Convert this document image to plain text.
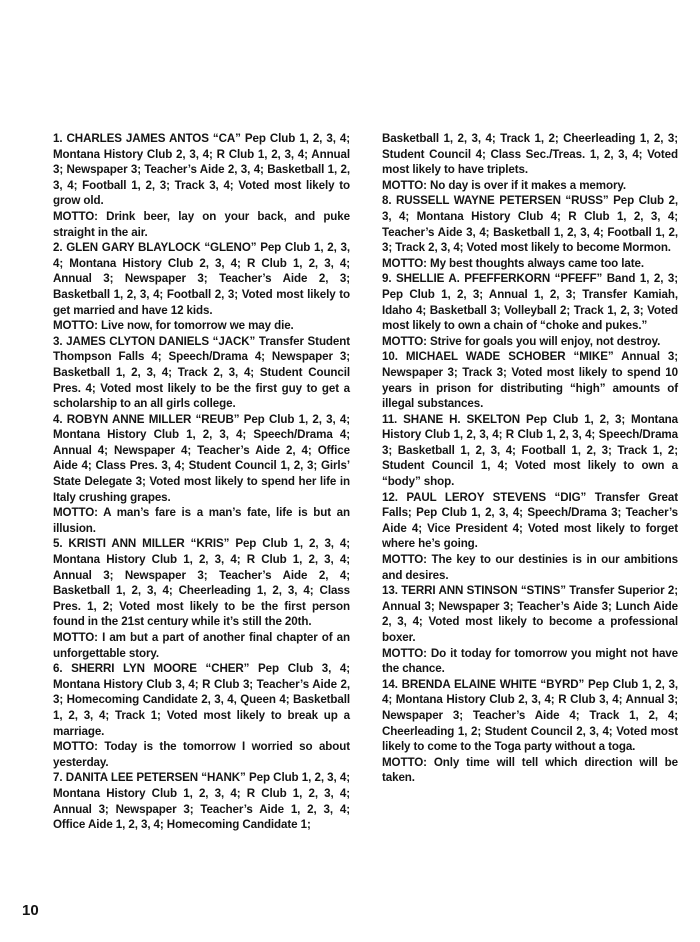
1. CHARLES JAMES ANTOS “CA” Pep Club 1, 2, 3, 4; Montana History Club 2, 3, 4; R Club 1, 2, 3, 4; Annual 3; Newspaper 3; Teacher’s Aide 2, 3, 4; Basketball 1, 2, 3, 4; Football 1, 2, 3; Track 3, 4; Voted most likely to grow old.

MOTTO: Drink beer, lay on your back, and puke straight in the air.

2. GLEN GARY BLAYLOCK “GLENO” Pep Club 1, 2, 3, 4; Montana History Club 2, 3, 4; R Club 1, 2, 3, 4; Annual 3; Newspaper 3; Teacher’s Aide 2, 3; Basketball 1, 2, 3, 4; Football 2, 3; Voted most likely to get married and have 12 kids.

MOTTO: Live now, for tomorrow we may die.

3. JAMES CLYTON DANIELS “JACK” Transfer Student Thompson Falls 4; Speech/Drama 4; Newspaper 3; Basketball 1, 2, 3, 4; Track 2, 3, 4; Student Council Pres. 4; Voted most likely to be the first guy to get a scholarship to an all girls college.

4. ROBYN ANNE MILLER “REUB” Pep Club 1, 2, 3, 4; Montana History Club 1, 2, 3, 4; Speech/Drama 4; Annual 4; Newspaper 4; Teacher’s Aide 2, 4; Office Aide 4; Class Pres. 3, 4; Student Council 1, 2, 3; Girls’ State Delegate 3; Voted most likely to spend her life in Italy crushing grapes.

MOTTO: A man’s fare is a man’s fate, life is but an illusion.

5. KRISTI ANN MILLER “KRIS” Pep Club 1, 2, 3, 4; Montana History Club 1, 2, 3, 4; R Club 1, 2, 3, 4; Annual 3; Newspaper 3; Teacher’s Aide 2, 4; Basketball 1, 2, 3, 4; Cheerleading 1, 2, 3, 4; Class Pres. 1, 2; Voted most likely to be the first person found in the 21st century while it’s still the 20th.

MOTTO: I am but a part of another final chapter of an unforgettable story.

6. SHERRI LYN MOORE “CHER” Pep Club 3, 4; Montana History Club 3, 4; R Club 3; Teacher’s Aide 2, 3; Homecoming Candidate 2, 3, 4, Queen 4; Basketball 1, 2, 3, 4; Track 1; Voted most likely to break up a marriage.

MOTTO: Today is the tomorrow I worried so about yesterday.

7. DANITA LEE PETERSEN “HANK” Pep Club 1, 2, 3, 4; Montana History Club 1, 2, 3, 4; R Club 1, 2, 3, 4; Annual 3; Newspaper 3; Teacher’s Aide 1, 2, 3, 4; Office Aide 1, 2, 3, 4; Homecoming Candidate 1;

Basketball 1, 2, 3, 4; Track 1, 2; Cheerleading 1, 2, 3; Student Council 4; Class Sec./Treas. 1, 2, 3, 4; Voted most likely to have triplets.

MOTTO: No day is over if it makes a memory.

8. RUSSELL WAYNE PETERSEN “RUSS” Pep Club 2, 3, 4; Montana History Club 4; R Club 1, 2, 3, 4; Teacher’s Aide 3, 4; Basketball 1, 2, 3, 4; Football 1, 2, 3; Track 2, 3, 4; Voted most likely to become Mormon.

MOTTO: My best thoughts always came too late.

9. SHELLIE A. PFEFFERKORN “PFEFF” Band 1, 2, 3; Pep Club 1, 2, 3; Annual 1, 2, 3; Transfer Kamiah, Idaho 4; Basketball 3; Volleyball 2; Track 1, 2, 3; Voted most likely to own a chain of “choke and pukes.”

MOTTO: Strive for goals you will enjoy, not destroy.

10. MICHAEL WADE SCHOBER “MIKE” Annual 3; Newspaper 3; Track 3; Voted most likely to spend 10 years in prison for distributing “high” amounts of illegal substances.

11. SHANE H. SKELTON Pep Club 1, 2, 3; Montana History Club 1, 2, 3, 4; R Club 1, 2, 3, 4; Speech/Drama 3; Basketball 1, 2, 3, 4; Football 1, 2, 3; Track 1, 2; Student Council 1, 4; Voted most likely to own a “body” shop.

12. PAUL LEROY STEVENS “DIG” Transfer Great Falls; Pep Club 1, 2, 3, 4; Speech/Drama 3; Teacher’s Aide 4; Vice President 4; Voted most likely to forget where he’s going.

MOTTO: The key to our destinies is in our ambitions and desires.

13. TERRI ANN STINSON “STINS” Transfer Superior 2; Annual 3; Newspaper 3; Teacher’s Aide 3; Lunch Aide 2, 3, 4; Voted most likely to become a professional boxer.

MOTTO: Do it today for tomorrow you might not have the chance.

14. BRENDA ELAINE WHITE “BYRD” Pep Club 1, 2, 3, 4; Montana History Club 2, 3, 4; R Club 3, 4; Annual 3; Newspaper 3; Teacher’s Aide 4; Track 1, 2, 4; Cheerleading 1, 2; Student Council 2, 3, 4; Voted most likely to come to the Toga party without a toga.

MOTTO: Only time will tell which direction will be taken.

10
